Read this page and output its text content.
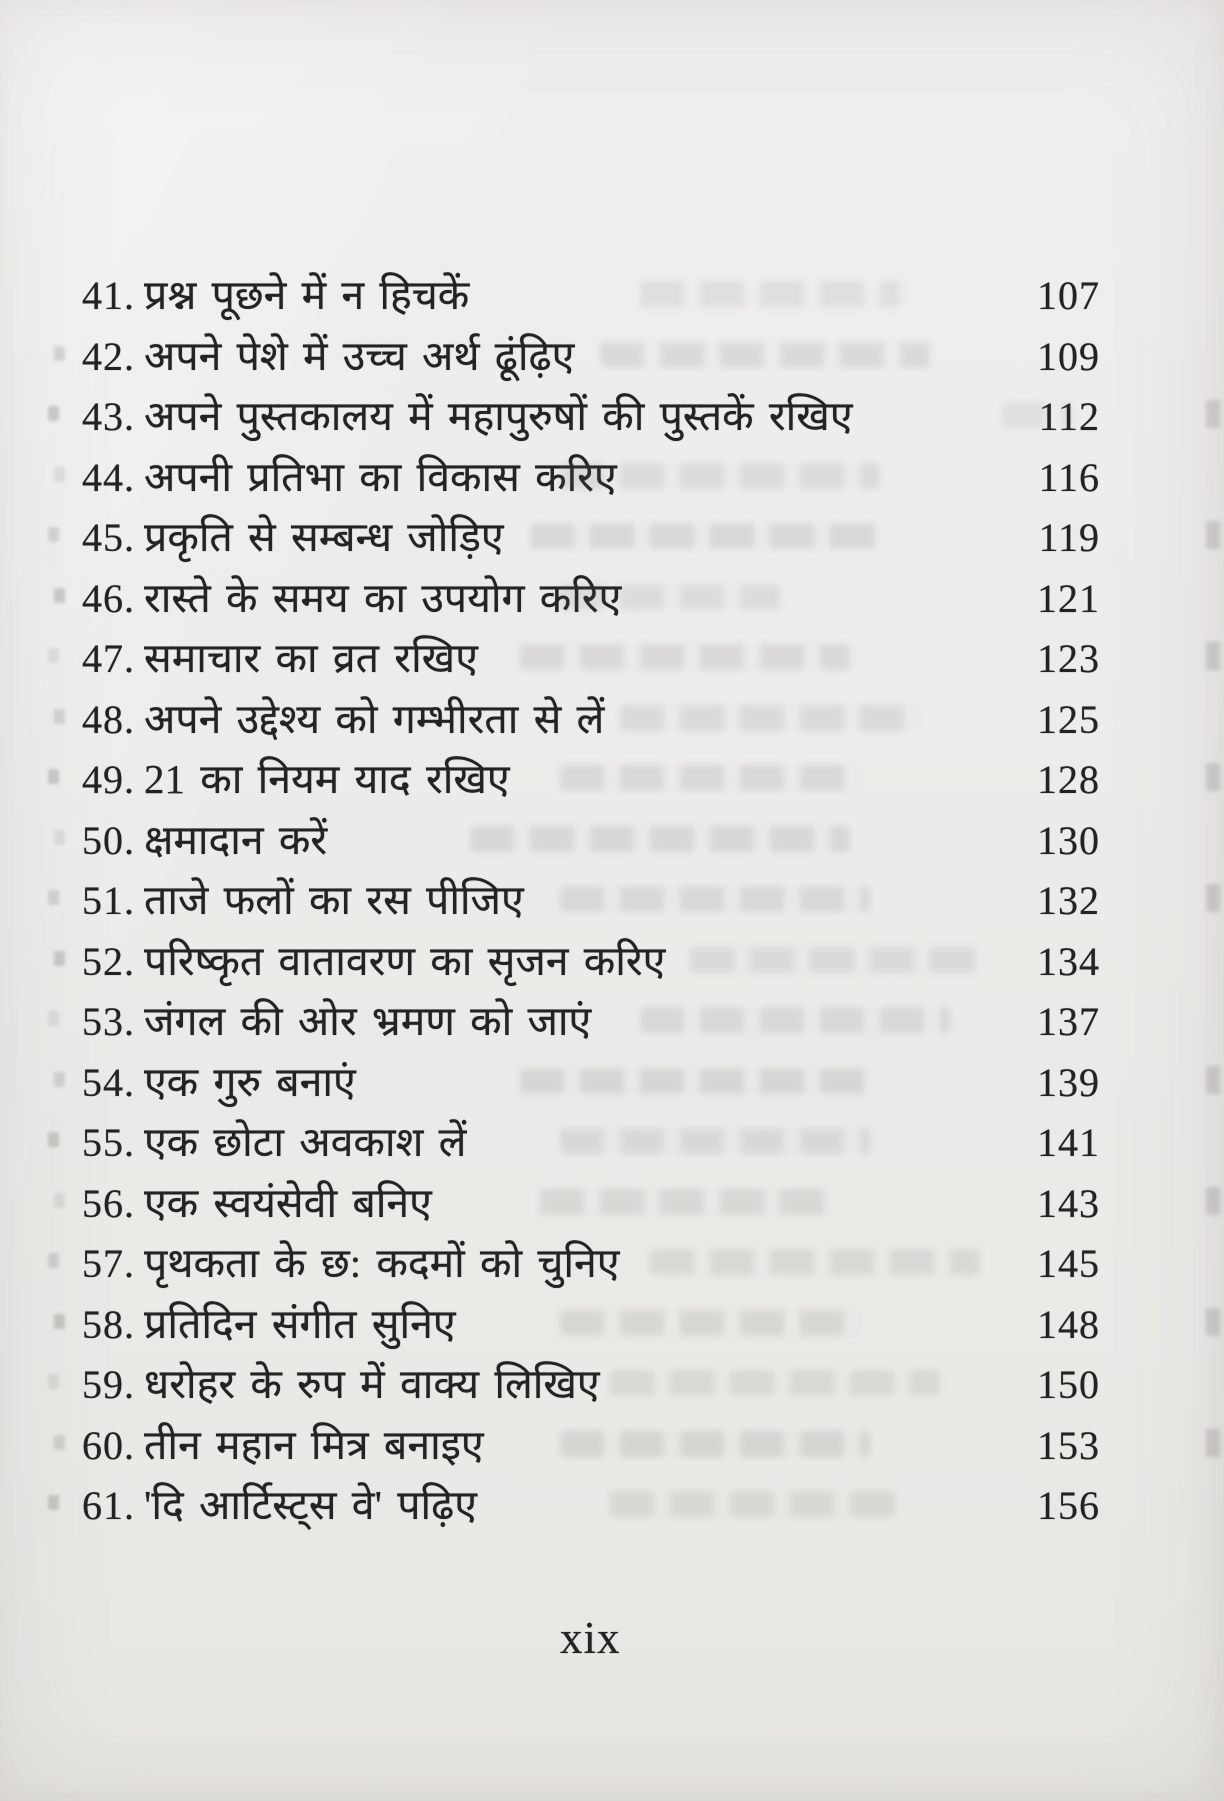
41. प्रश्न पूछने में न हिचकें	107
42. अपने पेशे में उच्च अर्थ ढूंढ़िए	109
43. अपने पुस्तकालय में महापुरुषों की पुस्तकें रखिए	112
44. अपनी प्रतिभा का विकास करिए	116
45. प्रकृति से सम्बन्ध जोड़िए	119
46. रास्ते के समय का उपयोग करिए	121
47. समाचार का व्रत रखिए	123
48. अपने उद्देश्य को गम्भीरता से लें	125
49. 21 का नियम याद रखिए	128
50. क्षमादान करें	130
51. ताजे फलों का रस पीजिए	132
52. परिष्कृत वातावरण का सृजन करिए	134
53. जंगल की ओर भ्रमण को जाएं	137
54. एक गुरु बनाएं	139
55. एक छोटा अवकाश लें	141
56. एक स्वयंसेवी बनिए	143
57. पृथकता के छ: कदमों को चुनिए	145
58. प्रतिदिन संगीत सुनिए	148
59. धरोहर के रुप में वाक्य लिखिए	150
60. तीन महान मित्र बनाइए	153
61. 'दि आर्टिस्ट्स वे' पढ़िए	156
xix
